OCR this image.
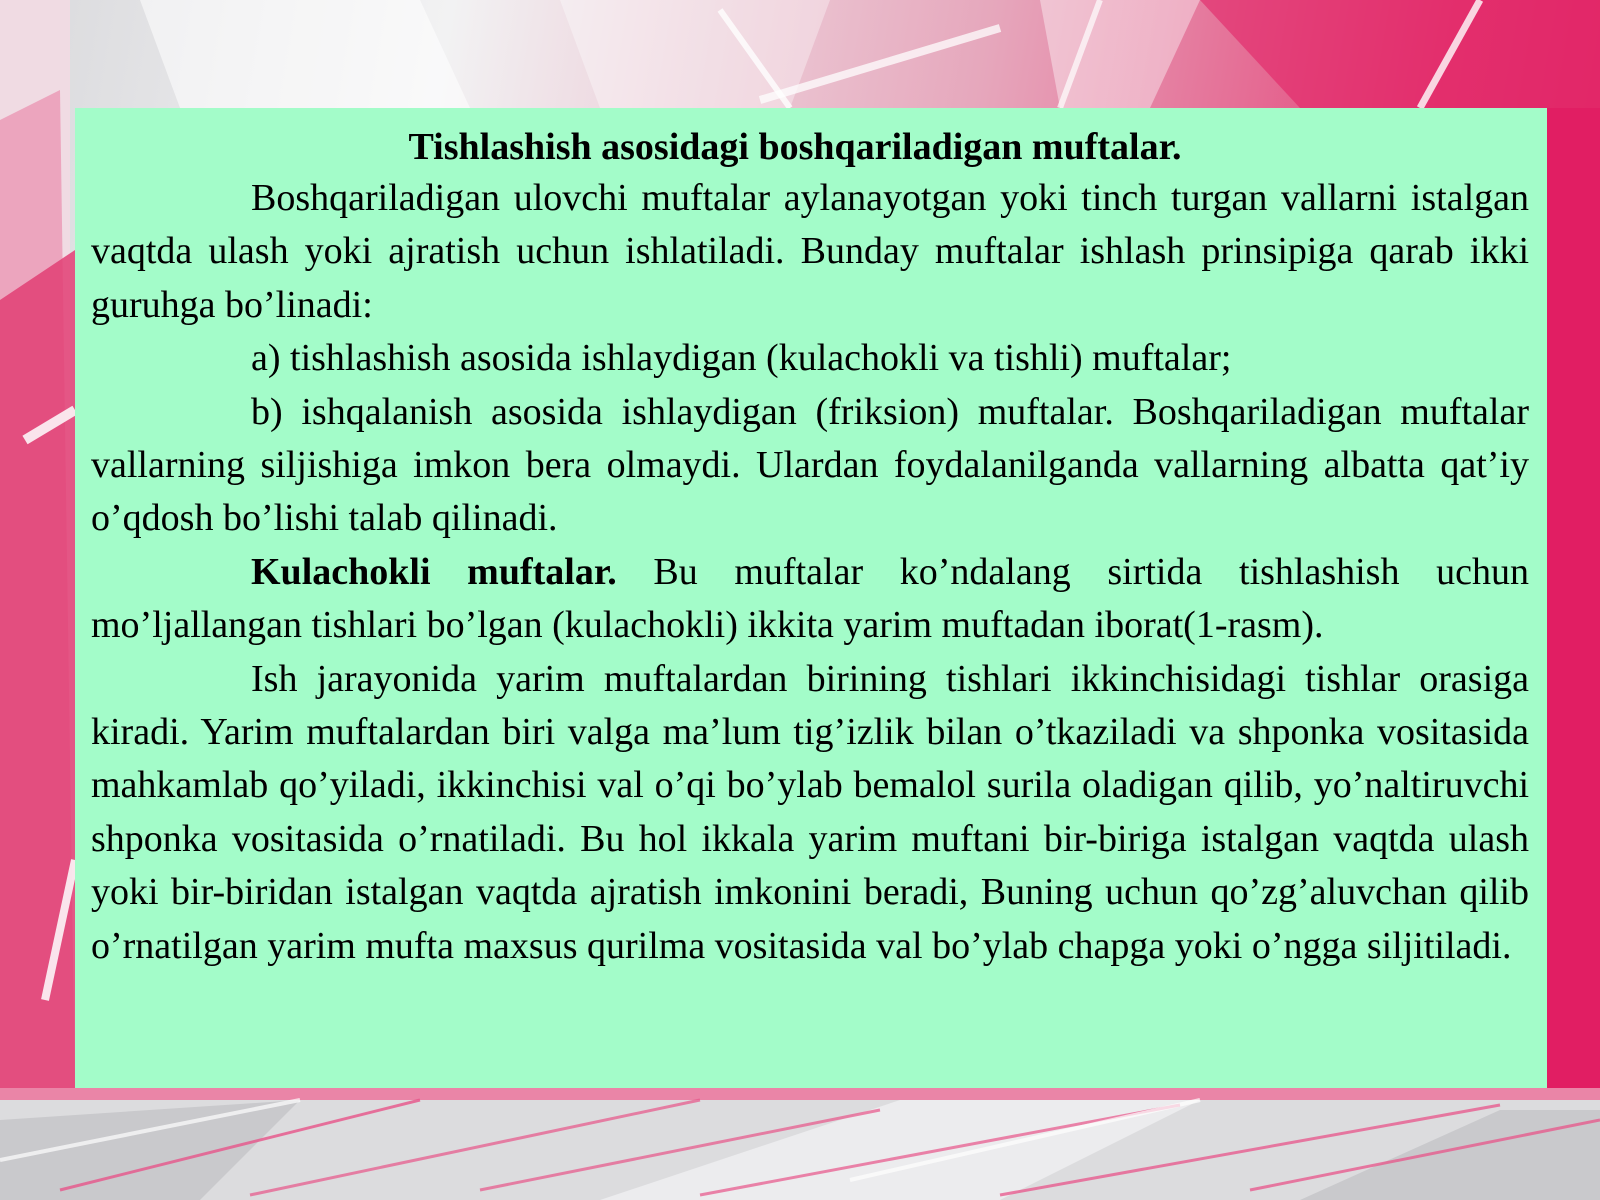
Tishlashish asosidagi boshqariladigan muftalar.

Boshqariladigan ulovchi muftalar aylanayotgan yoki tinch turgan vallarni istalgan vaqtda ulash yoki ajratish uchun ishlatiladi. Bunday muftalar ishlash prinsipiga qarab ikki guruhga bo’linadi:

a) tishlashish asosida ishlaydigan (kulachokli va tishli) muftalar;

b) ishqalanish asosida ishlaydigan (friksion) muftalar. Boshqariladigan muftalar vallarning siljishiga imkon bera olmaydi. Ulardan foydalanilganda vallarning albatta qat’iy o’qdosh bo’lishi talab qilinadi.

Kulachokli muftalar. Bu muftalar ko’ndalang sirtida tishlashish uchun mo’ljallangan tishlari bo’lgan (kulachokli) ikkita yarim muftadan iborat(1-rasm).

Ish jarayonida yarim muftalardan birining tishlari ikkinchisidagi tishlar orasiga kiradi. Yarim muftalardan biri valga ma’lum tig’izlik bilan o’tkaziladi va shponka vositasida mahkamlab qo’yiladi, ikkinchisi val o’qi bo’ylab bemalol surila oladigan qilib, yo’naltiruvchi shponka vositasida o’rnatiladi. Bu hol ikkala yarim muftani bir-biriga istalgan vaqtda ulash yoki bir-biridan istalgan vaqtda ajratish imkonini beradi, Buning uchun qo’zg’aluvchan qilib o’rnatilgan yarim mufta maxsus qurilma vositasida val bo’ylab chapga yoki o’ngga siljitiladi.
